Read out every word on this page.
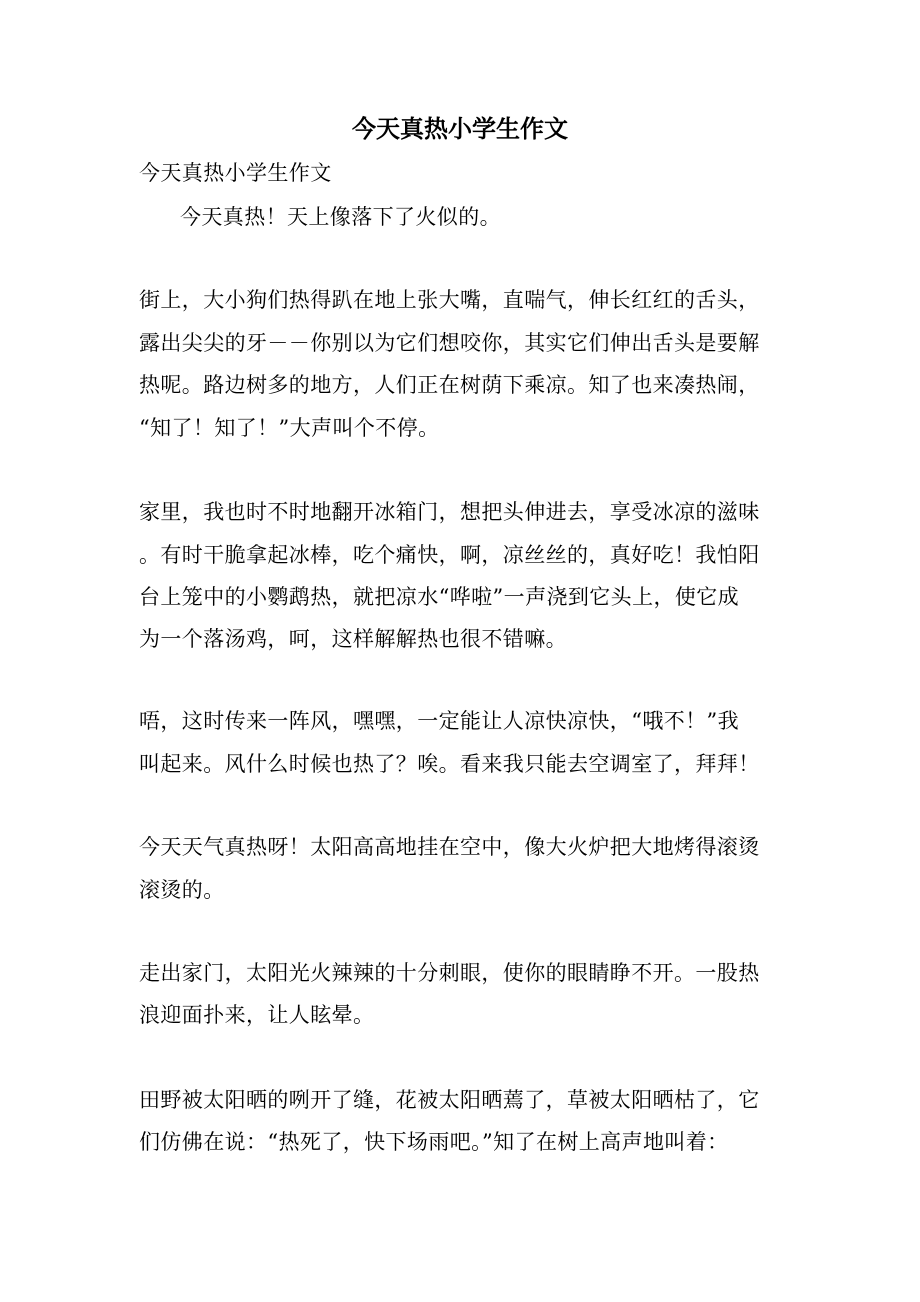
今天真热小学生作文
今天真热小学生作文
今天真热！天上像落下了火似的。
街上，大小狗们热得趴在地上张大嘴，直喘气，伸长红红的舌头，
露出尖尖的牙－－你别以为它们想咬你，其实它们伸出舌头是要解
热呢。路边树多的地方，人们正在树荫下乘凉。知了也来凑热闹，
“知了！知了！”大声叫个不停。
家里，我也时不时地翻开冰箱门，想把头伸进去，享受冰凉的滋味
。有时干脆拿起冰棒，吃个痛快，啊，凉丝丝的，真好吃！我怕阳
台上笼中的小鹦鹉热，就把凉水“哗啦”一声浇到它头上，使它成
为一个落汤鸡，呵，这样解解热也很不错嘛。
唔，这时传来一阵风，嘿嘿，一定能让人凉快凉快，“哦不！”我
叫起来。风什么时候也热了？唉。看来我只能去空调室了，拜拜！
今天天气真热呀！太阳高高地挂在空中，像大火炉把大地烤得滚烫
滚烫的。
走出家门，太阳光火辣辣的十分刺眼，使你的眼睛睁不开。一股热
浪迎面扑来，让人眩晕。
田野被太阳晒的咧开了缝，花被太阳晒蔫了，草被太阳晒枯了，它
们仿佛在说：“热死了，快下场雨吧。”知了在树上高声地叫着：
